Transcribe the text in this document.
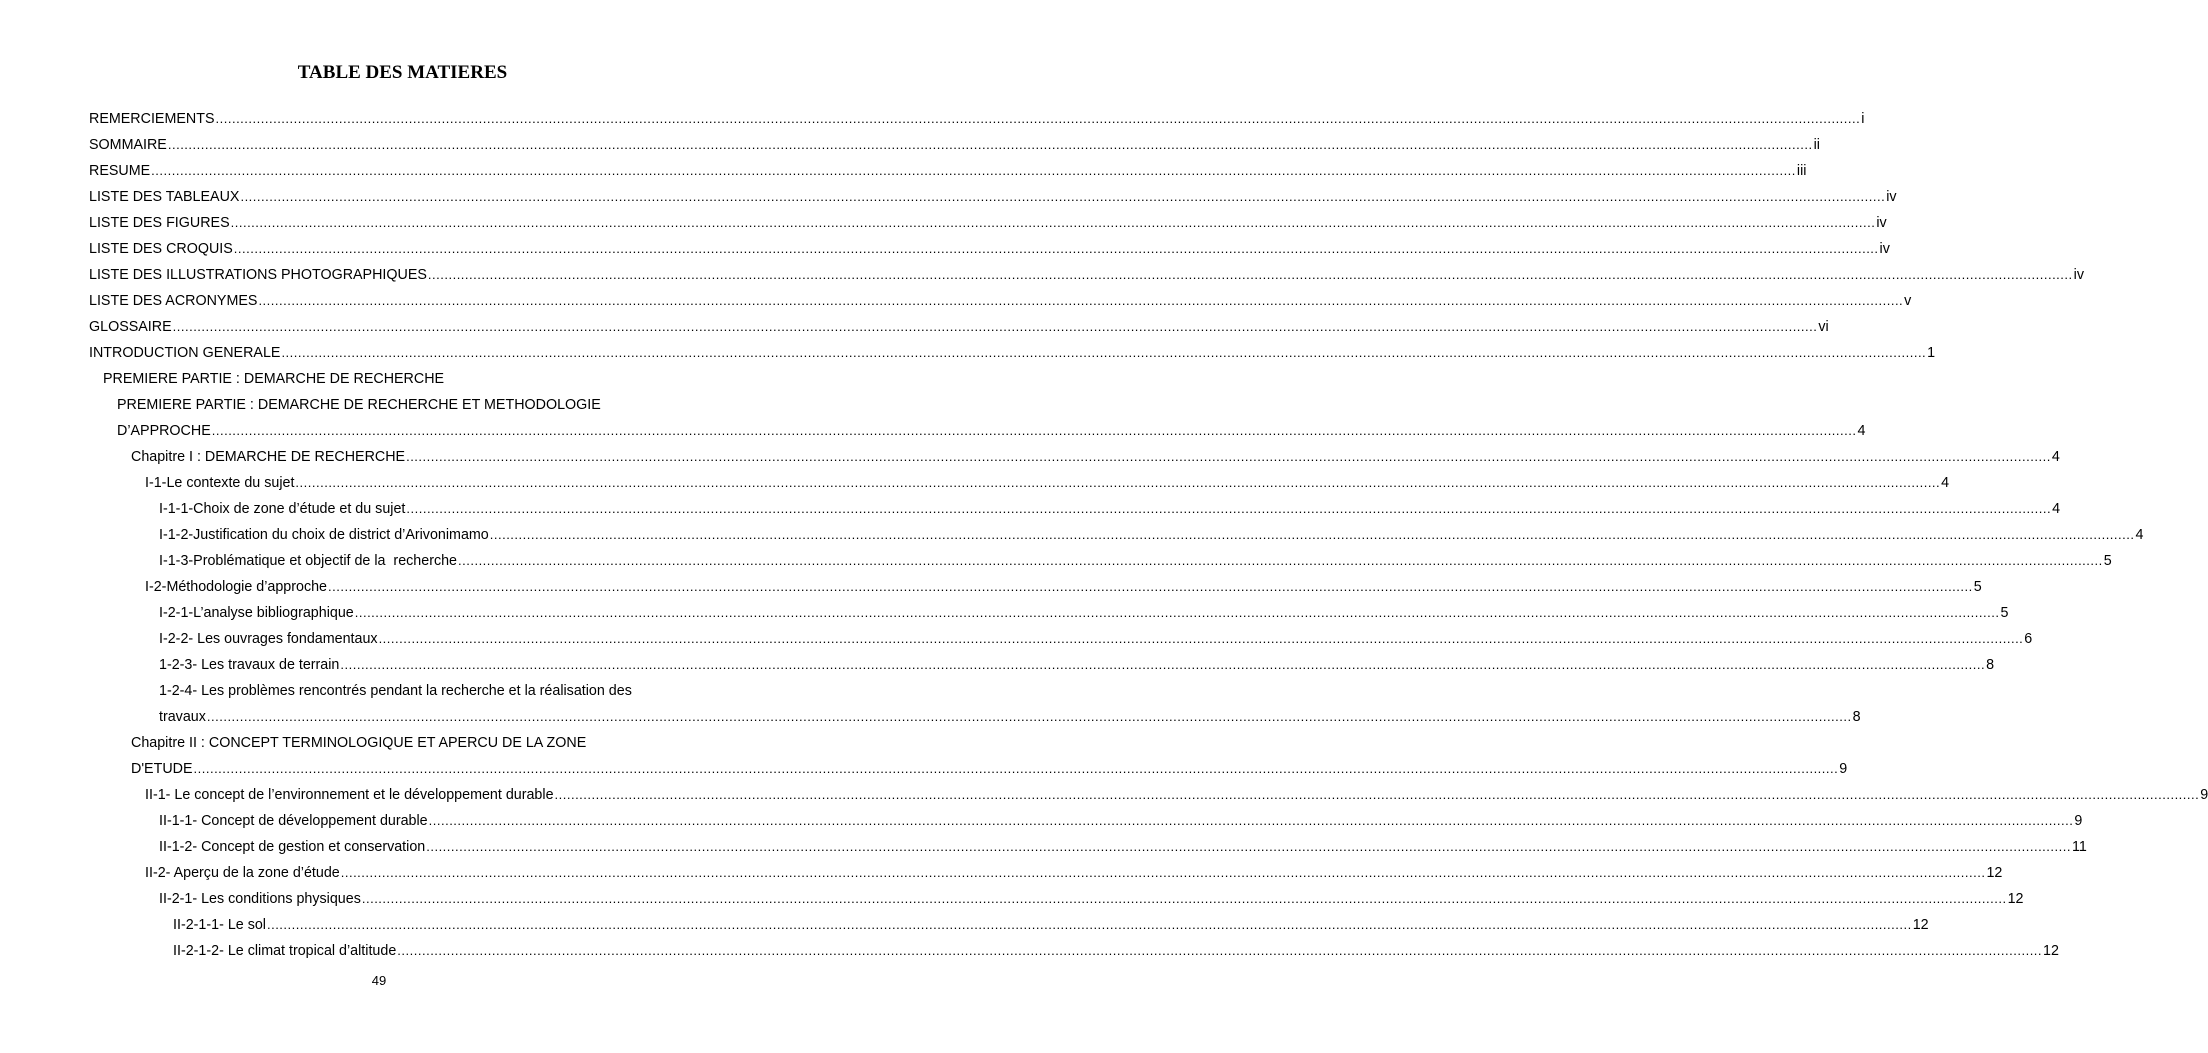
TABLE DES MATIERES
REMERCIEMENTS ................................................................................................................................................................................................................................................................................................................................................................................................................ i
SOMMAIRE ................................................................................................................................................................................................................................................................................................................................................................................................................ ii
RESUME ................................................................................................................................................................................................................................................................................................................................................................................................................ iii
LISTE DES TABLEAUX ................................................................................................................................................................................................................................................................................................................................................................................................................ iv
LISTE DES FIGURES ................................................................................................................................................................................................................................................................................................................................................................................................................ iv
LISTE DES CROQUIS ................................................................................................................................................................................................................................................................................................................................................................................................................ iv
LISTE DES ILLUSTRATIONS PHOTOGRAPHIQUES ................................................................................................................................................................................................................................................................................................................................................................................................................ iv
LISTE DES ACRONYMES ................................................................................................................................................................................................................................................................................................................................................................................................................ v
GLOSSAIRE ................................................................................................................................................................................................................................................................................................................................................................................................................ vi
INTRODUCTION GENERALE ................................................................................................................................................................................................................................................................................................................................................................................................................ 1
PREMIERE PARTIE : DEMARCHE DE RECHERCHE
PREMIERE PARTIE : DEMARCHE DE RECHERCHE ET METHODOLOGIE
D’APPROCHE ................................................................................................................................................................................................................................................................................................................................................................................................................ 4
Chapitre I : DEMARCHE DE RECHERCHE ................................................................................................................................................................................................................................................................................................................................................................................................................ 4
I-1-Le contexte du sujet ................................................................................................................................................................................................................................................................................................................................................................................................................ 4
I-1-1-Choix de zone d’étude et du sujet ................................................................................................................................................................................................................................................................................................................................................................................................................ 4
I-1-2-Justification du choix de district d’Arivonimamo ................................................................................................................................................................................................................................................................................................................................................................................................................ 4
I-1-3-Problématique et objectif de la  recherche ................................................................................................................................................................................................................................................................................................................................................................................................................ 5
I-2-Méthodologie d’approche ................................................................................................................................................................................................................................................................................................................................................................................................................ 5
I-2-1-L’analyse bibliographique ................................................................................................................................................................................................................................................................................................................................................................................................................ 5
I-2-2- Les ouvrages fondamentaux ................................................................................................................................................................................................................................................................................................................................................................................................................ 6
1-2-3- Les travaux de terrain ................................................................................................................................................................................................................................................................................................................................................................................................................ 8
1-2-4- Les problèmes rencontrés pendant la recherche et la réalisation des
travaux ................................................................................................................................................................................................................................................................................................................................................................................................................ 8
Chapitre II : CONCEPT TERMINOLOGIQUE ET APERCU DE LA ZONE
D'ETUDE ................................................................................................................................................................................................................................................................................................................................................................................................................ 9
II-1- Le concept de l’environnement et le développement durable ................................................................................................................................................................................................................................................................................................................................................................................................................ 9
II-1-1- Concept de développement durable ................................................................................................................................................................................................................................................................................................................................................................................................................ 9
II-1-2- Concept de gestion et conservation ................................................................................................................................................................................................................................................................................................................................................................................................................ 11
II-2- Aperçu de la zone d’étude ................................................................................................................................................................................................................................................................................................................................................................................................................ 12
II-2-1- Les conditions physiques ................................................................................................................................................................................................................................................................................................................................................................................................................ 12
II-2-1-1- Le sol ................................................................................................................................................................................................................................................................................................................................................................................................................ 12
II-2-1-2- Le climat tropical d’altitude ................................................................................................................................................................................................................................................................................................................................................................................................................ 12
49
